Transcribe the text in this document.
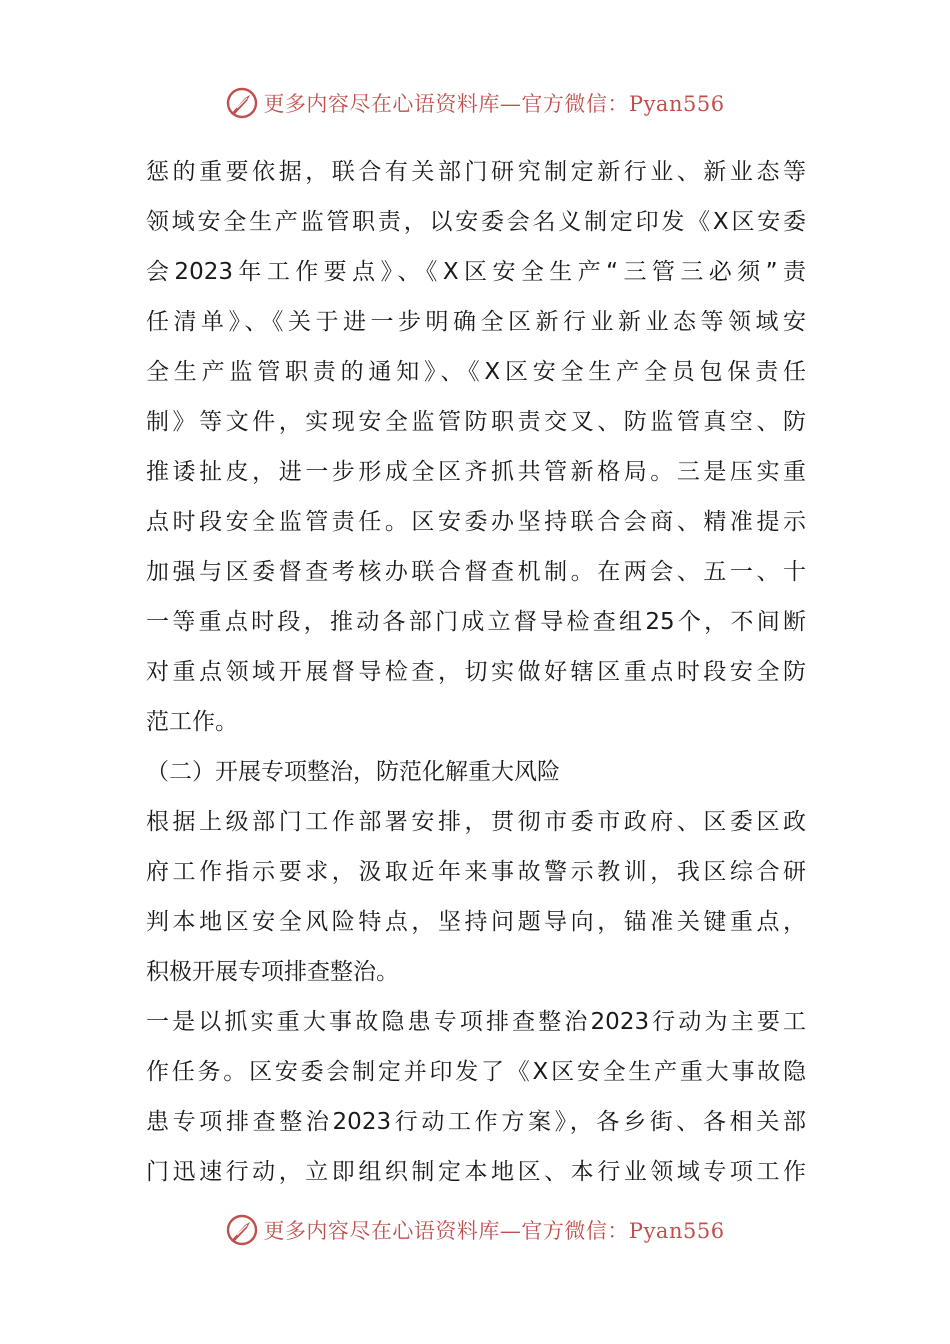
更多内容尽在心语资料库—官方微信：Pyan556
惩的重要依据，联合有关部门研究制定新行业、新业态等
领域安全生产监管职责，以安委会名义制定印发《X区安委
会2023年工作要点》、《X区安全生产“三管三必须”责
任清单》、《关于进一步明确全区新行业新业态等领域安
全生产监管职责的通知》、《X区安全生产全员包保责任
制》等文件，实现安全监管防职责交叉、防监管真空、防
推诿扯皮，进一步形成全区齐抓共管新格局。三是压实重
点时段安全监管责任。区安委办坚持联合会商、精准提示
加强与区委督查考核办联合督查机制。在两会、五一、十
一等重点时段，推动各部门成立督导检查组25个，不间断
对重点领域开展督导检查，切实做好辖区重点时段安全防
范工作。
（二）开展专项整治，防范化解重大风险
根据上级部门工作部署安排，贯彻市委市政府、区委区政
府工作指示要求，汲取近年来事故警示教训，我区综合研
判本地区安全风险特点，坚持问题导向，锚准关键重点，
积极开展专项排查整治。
一是以抓实重大事故隐患专项排查整治2023行动为主要工
作任务。区安委会制定并印发了《X区安全生产重大事故隐
患专项排查整治2023行动工作方案》，各乡街、各相关部
门迅速行动，立即组织制定本地区、本行业领域专项工作
更多内容尽在心语资料库—官方微信：Pyan556
